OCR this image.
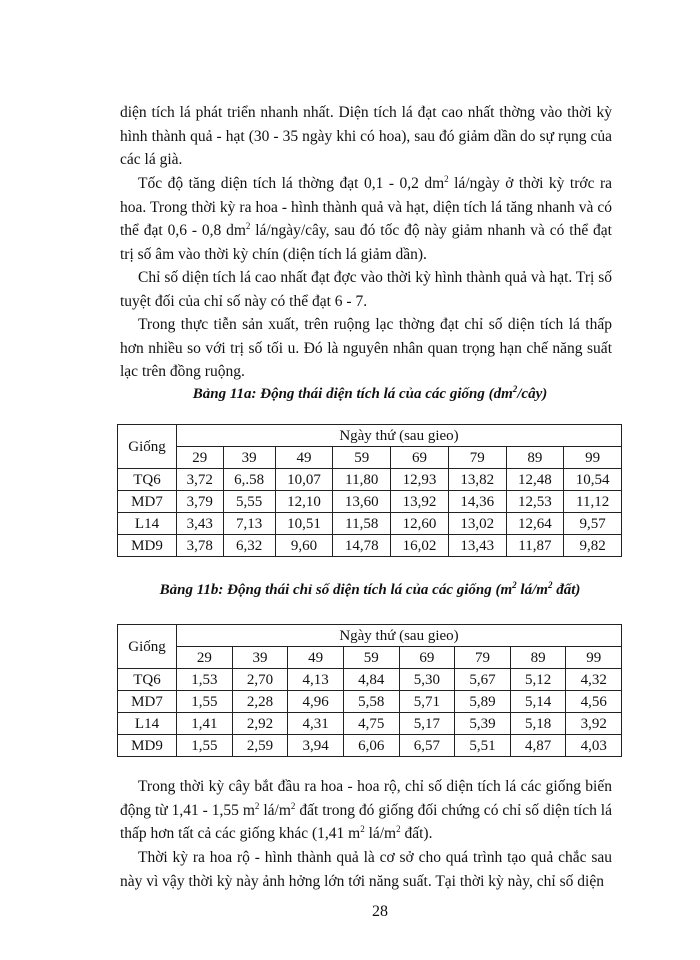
diện tích lá phát triển nhanh nhất. Diện tích lá đạt cao nhất thờng vào thời kỳ hình thành quả - hạt (30 - 35 ngày khi có hoa), sau đó giảm dần do sự rụng của các lá già.

Tốc độ tăng diện tích lá thờng đạt 0,1 - 0,2 $dm^2$ lá/ngày ở thời kỳ trớc ra hoa. Trong thời kỳ ra hoa - hình thành quả và hạt, diện tích lá tăng nhanh và có thể đạt 0,6 - 0,8 $dm^2$ lá/ngày/cây, sau đó tốc độ này giảm nhanh và có thể đạt trị số âm vào thời kỳ chín (diện tích lá giảm dần).

Chỉ số diện tích lá cao nhất đạt đợc vào thời kỳ hình thành quả và hạt. Trị số tuyệt đối của chỉ số này có thể đạt 6 - 7.

Trong thực tiễn sản xuất, trên ruộng lạc thờng đạt chỉ số diện tích lá thấp hơn nhiều so với trị số tối u. Đó là nguyên nhân quan trọng hạn chế năng suất lạc trên đồng ruộng.

Bảng 11a: Động thái diện tích lá của các giống $(dm^2/cây)$

Giống	Ngày thứ (sau gieo)							
	29	39	49	59	69	79	89	99
TQ6	3,72	6,.58	10,07	11,80	12,93	13,82	12,48	10,54
MD7	3,79	5,55	12,10	13,60	13,92	14,36	12,53	11,12
L14	3,43	7,13	10,51	11,58	12,60	13,02	12,64	9,57
MD9	3,78	6,32	9,60	14,78	16,02	13,43	11,87	9,82

Bảng 11b: Động thái chỉ số diện tích lá của các giống ($m^2$ $lá/m^2$ đất)

Giống	Ngày thứ (sau gieo)							
	29	39	49	59	69	79	89	99
TQ6	1,53	2,70	4,13	4,84	5,30	5,67	5,12	4,32
MD7	1,55	2,28	4,96	5,58	5,71	5,89	5,14	4,56
L14	1,41	2,92	4,31	4,75	5,17	5,39	5,18	3,92
MD9	1,55	2,59	3,94	6,06	6,57	5,51	4,87	4,03

Trong thời kỳ cây bắt đầu ra hoa - hoa rộ, chỉ số diện tích lá các giống biến động từ 1,41 - 1,55 $m^2$ $lá/m^2$ đất trong đó giống đối chứng có chỉ số diện tích lá thấp hơn tất cả các giống khác (1,41 $m^2$ $lá/m^2$ đất).

Thời kỳ ra hoa rộ - hình thành quả là cơ sở cho quá trình tạo quả chắc sau này vì vậy thời kỳ này ảnh hởng lớn tới năng suất. Tại thời kỳ này, chỉ số diện

28
